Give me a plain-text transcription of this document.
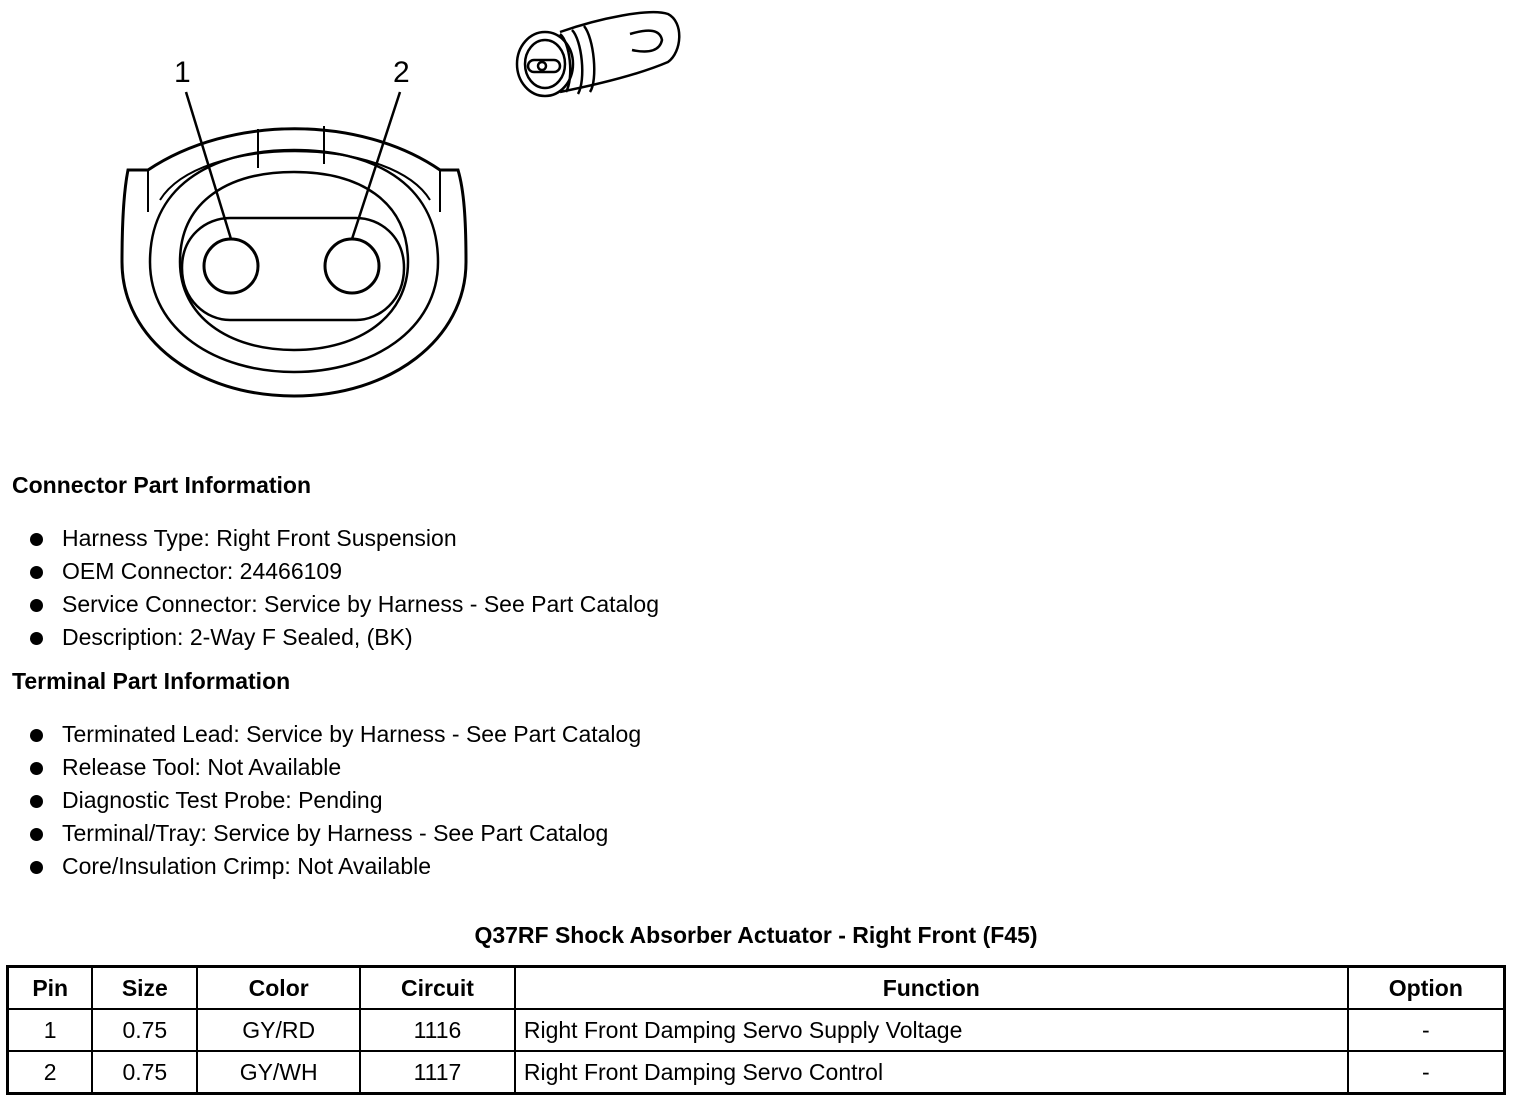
1	2
Connector Part Information
Harness Type: Right Front Suspension
OEM Connector: 24466109
Service Connector: Service by Harness - See Part Catalog
Description: 2-Way F Sealed, (BK)
Terminal Part Information
Terminated Lead: Service by Harness - See Part Catalog
Release Tool: Not Available
Diagnostic Test Probe: Pending
Terminal/Tray: Service by Harness - See Part Catalog
Core/Insulation Crimp: Not Available
Q37RF Shock Absorber Actuator - Right Front (F45)
Pin	Size	Color	Circuit	Function	Option
1	0.75	GY/RD	1116	Right Front Damping Servo Supply Voltage	-
2	0.75	GY/WH	1117	Right Front Damping Servo Control	-
